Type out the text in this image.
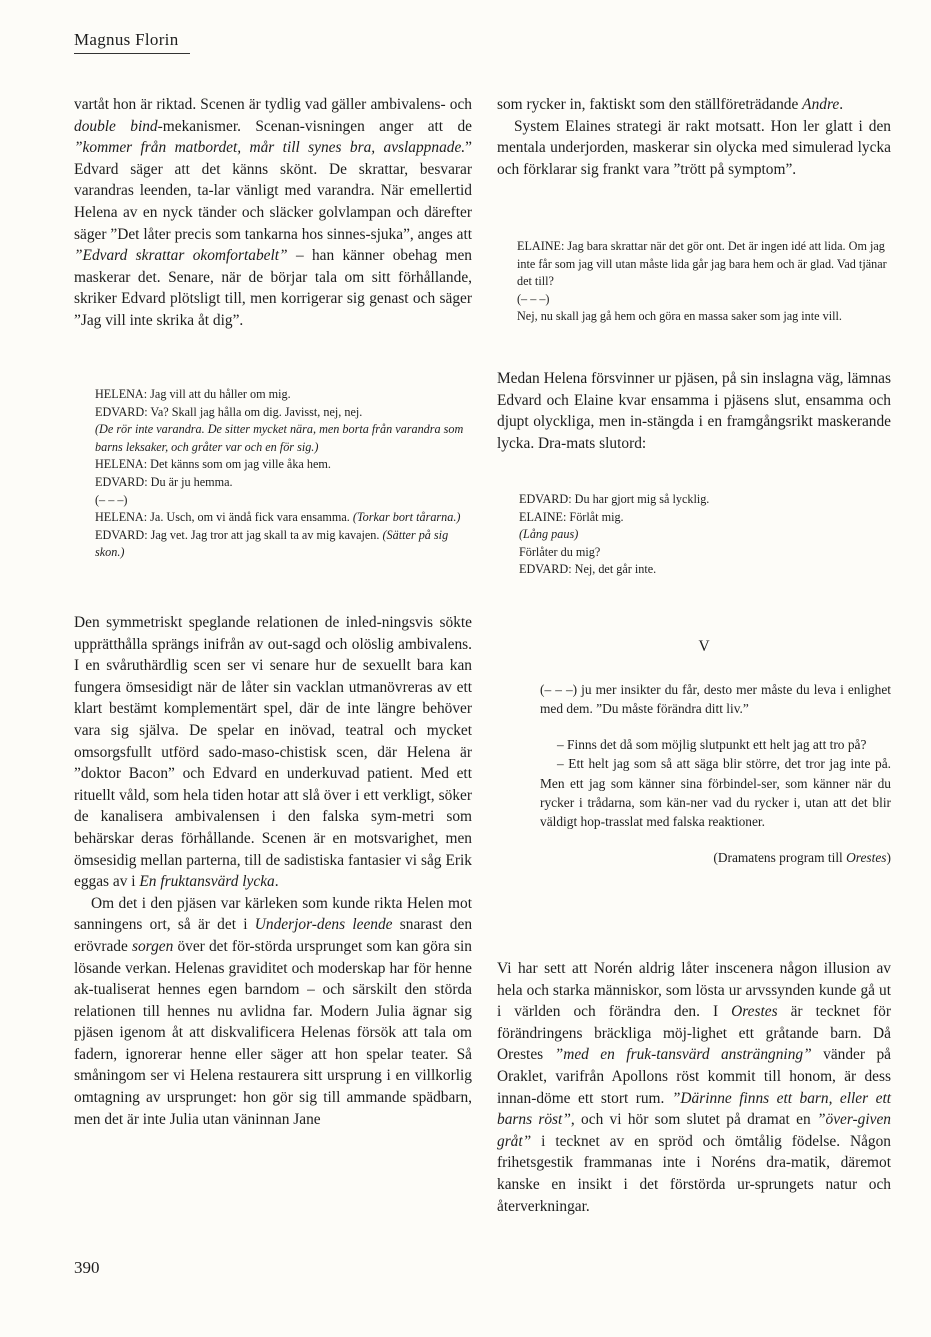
Magnus Florin

vartåt hon är riktad. Scenen är tydlig vad gäller ambivalens- och double bind-mekanismer. Scenan-visningen anger att de ”kommer från matbordet, mår till synes bra, avslappnade.” Edvard säger att det känns skönt. De skrattar, besvarar varandras leenden, ta-lar vänligt med varandra. När emellertid Helena av en nyck tänder och släcker golvlampan och därefter säger ”Det låter precis som tankarna hos sinnes-sjuka”, anges att ”Edvard skrattar okomfortabelt” – han känner obehag men maskerar det. Senare, när de börjar tala om sitt förhållande, skriker Edvard plötsligt till, men korrigerar sig genast och säger ”Jag vill inte skrika åt dig”.

HELENA: Jag vill att du håller om mig.

EDVARD: Va? Skall jag hålla om dig. Javisst, nej, nej.

(De rör inte varandra. De sitter mycket nära, men borta från varandra som barns leksaker, och gråter var och en för sig.)

HELENA: Det känns som om jag ville åka hem.

EDVARD: Du är ju hemma.

(– – –)

HELENA: Ja. Usch, om vi ändå fick vara ensamma. (Torkar bort tårarna.)

EDVARD: Jag vet. Jag tror att jag skall ta av mig kavajen. (Sätter på sig skon.)

Den symmetriskt speglande relationen de inled-ningsvis sökte upprätthålla sprängs inifrån av out-sagd och olöslig ambivalens. I en svåruthärdlig scen ser vi senare hur de sexuellt bara kan fungera ömsesidigt när de låter sin vacklan utmanövreras av ett klart bestämt komplementärt spel, där de inte längre behöver vara sig själva. De spelar en inövad, teatral och mycket omsorgsfullt utförd sado-maso-chistisk scen, där Helena är ”doktor Bacon” och Edvard en underkuvad patient. Med ett rituellt våld, som hela tiden hotar att slå över i ett verkligt, söker de kanalisera ambivalensen i den falska sym-metri som behärskar deras förhållande. Scenen är en motsvarighet, men ömsesidig mellan parterna, till de sadistiska fantasier vi såg Erik eggas av i En fruktansvärd lycka.

Om det i den pjäsen var kärleken som kunde rikta Helen mot sanningens ort, så är det i Underjor-dens leende snarast den erövrade sorgen över det för-störda ursprunget som kan göra sin lösande verkan. Helenas graviditet och moderskap har för henne ak-tualiserat hennes egen barndom – och särskilt den störda relationen till hennes nu avlidna far. Modern Julia ägnar sig pjäsen igenom åt att diskvalificera Helenas försök att tala om fadern, ignorerar henne eller säger att hon spelar teater. Så småningom ser vi Helena restaurera sitt ursprung i en villkorlig omtagning av ursprunget: hon gör sig till ammande spädbarn, men det är inte Julia utan väninnan Jane

som rycker in, faktiskt som den ställföreträdande Andre.

System Elaines strategi är rakt motsatt. Hon ler glatt i den mentala underjorden, maskerar sin olycka med simulerad lycka och förklarar sig frankt vara ”trött på symptom”.

ELAINE: Jag bara skrattar när det gör ont. Det är ingen idé att lida. Om jag inte får som jag vill utan måste lida går jag bara hem och är glad. Vad tjänar det till?

(– – –)

Nej, nu skall jag gå hem och göra en massa saker som jag inte vill.

Medan Helena försvinner ur pjäsen, på sin inslagna väg, lämnas Edvard och Elaine kvar ensamma i pjäsens slut, ensamma och djupt olyckliga, men in-stängda i en framgångsrikt maskerande lycka. Dra-mats slutord:

EDVARD: Du har gjort mig så lycklig.

ELAINE: Förlåt mig.

(Lång paus)

Förlåter du mig?

EDVARD: Nej, det går inte.

V

(– – –) ju mer insikter du får, desto mer måste du leva i enlighet med dem. ”Du måste förändra ditt liv.”

– Finns det då som möjlig slutpunkt ett helt jag att tro på?

– Ett helt jag som så att säga blir större, det tror jag inte på. Men ett jag som känner sina förbindel-ser, som känner när du rycker i trådarna, som kän-ner vad du rycker i, utan att det blir väldigt hop-trasslat med falska reaktioner.

(Dramatens program till Orestes)

Vi har sett att Norén aldrig låter inscenera någon illusion av hela och starka människor, som lösta ur arvssynden kunde gå ut i världen och förändra den. I Orestes är tecknet för förändringens bräckliga möj-lighet ett gråtande barn. Då Orestes ”med en fruk-tansvärd ansträngning” vänder på Oraklet, varifrån Apollons röst kommit till honom, är dess innan-döme ett stort rum. ”Därinne finns ett barn, eller ett barns röst”, och vi hör som slutet på dramat en ”över-given gråt” i tecknet av en spröd och ömtålig födelse. Någon frihetsgestik frammanas inte i Noréns dra-matik, däremot kanske en insikt i det förstörda ur-sprungets natur och återverkningar.

390
